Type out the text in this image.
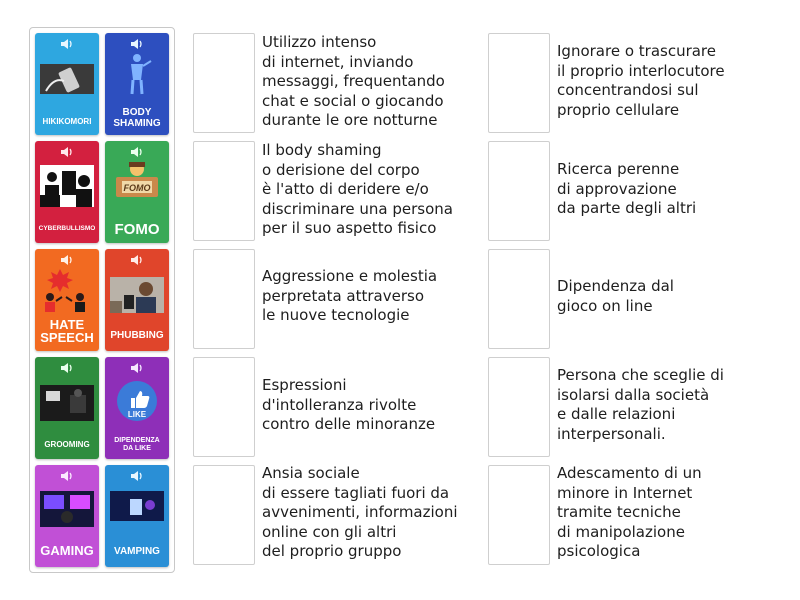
HIKIKOMORI
BODY
SHAMING
CYBERBULLISMO
FOMO
FOMO
HATE
SPEECH	PHUBBING
GROOMING
LIKE
DIPENDENZA
DA LIKE
GAMING	VAMPING
Utilizzo intenso
di internet, inviando
messaggi, frequentando
chat e social o giocando
durante le ore notturne
Il body shaming
o derisione del corpo
è l'atto di deridere e/o
discriminare una persona
per il suo aspetto fisico
Aggressione e molestia
perpretata attraverso
le nuove tecnologie
Espressioni
d'intolleranza rivolte
contro delle minoranze
Ansia sociale
di essere tagliati fuori da
avvenimenti, informazioni
online con gli altri
del proprio gruppo
Ignorare o trascurare
il proprio interlocutore
concentrandosi sul
proprio cellulare
Ricerca perenne
di approvazione
da parte degli altri
Dipendenza dal
gioco on line
Persona che sceglie di
isolarsi dalla società
e dalle relazioni
interpersonali.
Adescamento di un
minore in Internet
tramite tecniche
di manipolazione
psicologica
